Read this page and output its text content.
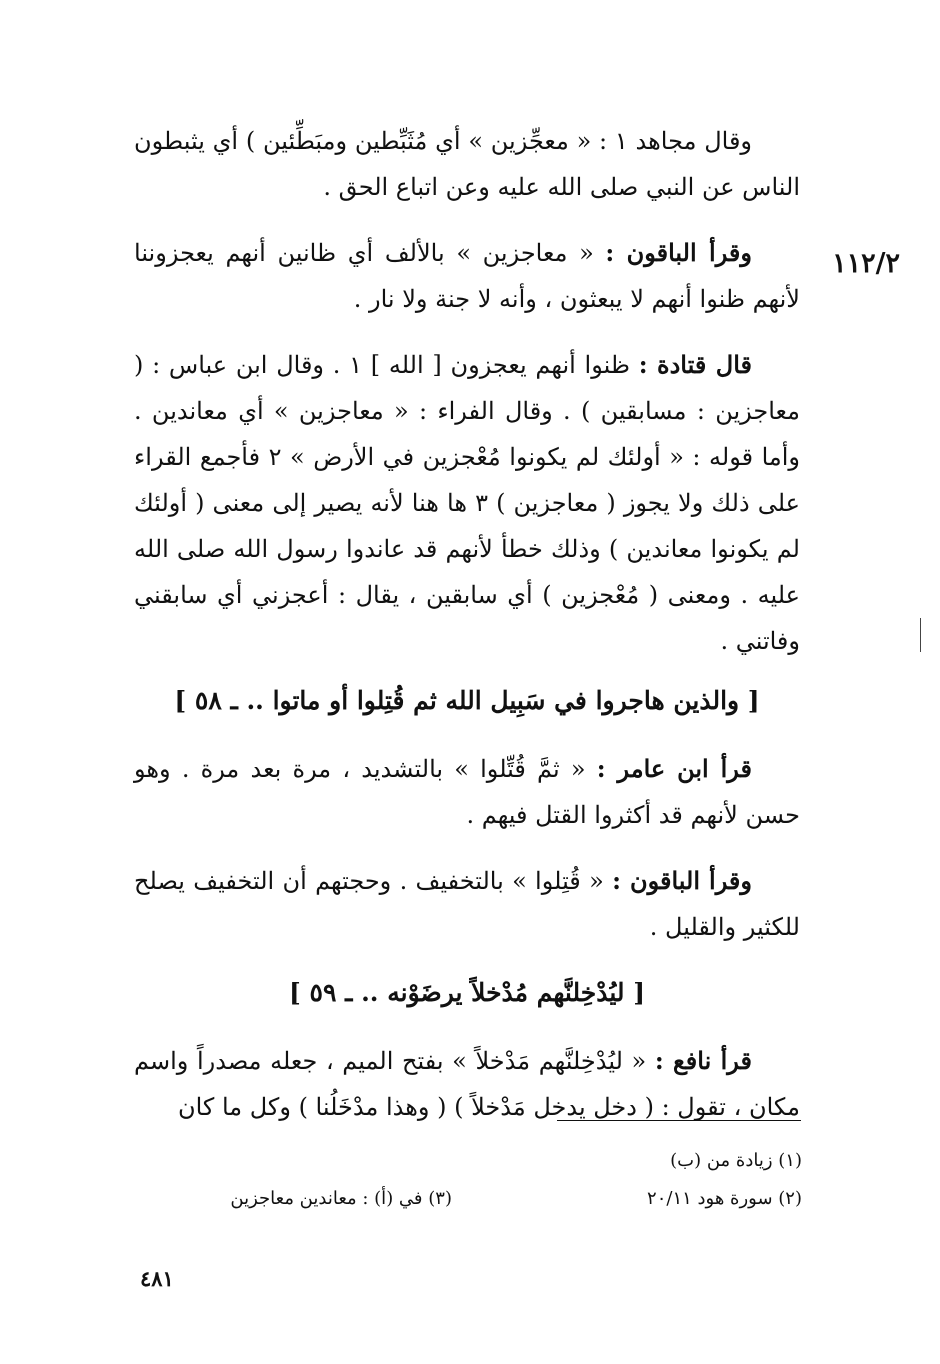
١١٢/٢

وقال مجاهد ١ : « معجِّزين » أي مُثَبِّطين ومبَطِّئين ) أي يثبطون الناس عن النبي صلى الله عليه وعن اتباع الحق .

وقرأ الباقون : « معاجزين » بالألف أي ظانين أنهم يعجزوننا لأنهم ظنوا أنهم لا يبعثون ، وأنه لا جنة ولا نار .

قال قتادة : ظنوا أنهم يعجزون [ الله ] ١ . وقال ابن عباس : ( معاجزين : مسابقين ) . وقال الفراء : « معاجزين » أي معاندين . وأما قوله : « أولئك لم يكونوا مُعْجزين في الأرض » ٢ فأجمع القراء على ذلك ولا يجوز ( معاجزين ) ٣ ها هنا لأنه يصير إلى معنى ( أولئك لم يكونوا معاندين ) وذلك خطأ لأنهم قد عاندوا رسول الله صلى الله عليه . ومعنى ( مُعْجزين ) أي سابقين ، يقال : أعجزني أي سابقني وفاتني .

[ والذين هاجروا في سَبِيل الله ثم قُتِلوا أو ماتوا .. ـ ٥٨ ]

قرأ ابن عامر : « ثمَّ قُتِّلوا » بالتشديد ، مرة بعد مرة . وهو حسن لأنهم قد أكثروا القتل فيهم .

وقرأ الباقون : « قُتِلوا » بالتخفيف . وحجتهم أن التخفيف يصلح للكثير والقليل .

[ ليُدْخِلنَّهم مُدْخلاً يرضَوْنه .. ـ ٥٩ ]

قرأ نافع : « ليُدْخِلنَّهم مَدْخلاً » بفتح الميم ، جعله مصدراً واسم مكان ، تقول : ( دخل يدخل مَدْخلاً ) ( وهذا مدْخَلُنا ) وكل ما كان

(١) زيادة من (ب)
(٢) سورة هود ٢٠/١١
(٣) في (أ) : معاندين معاجزين
٤٨١
